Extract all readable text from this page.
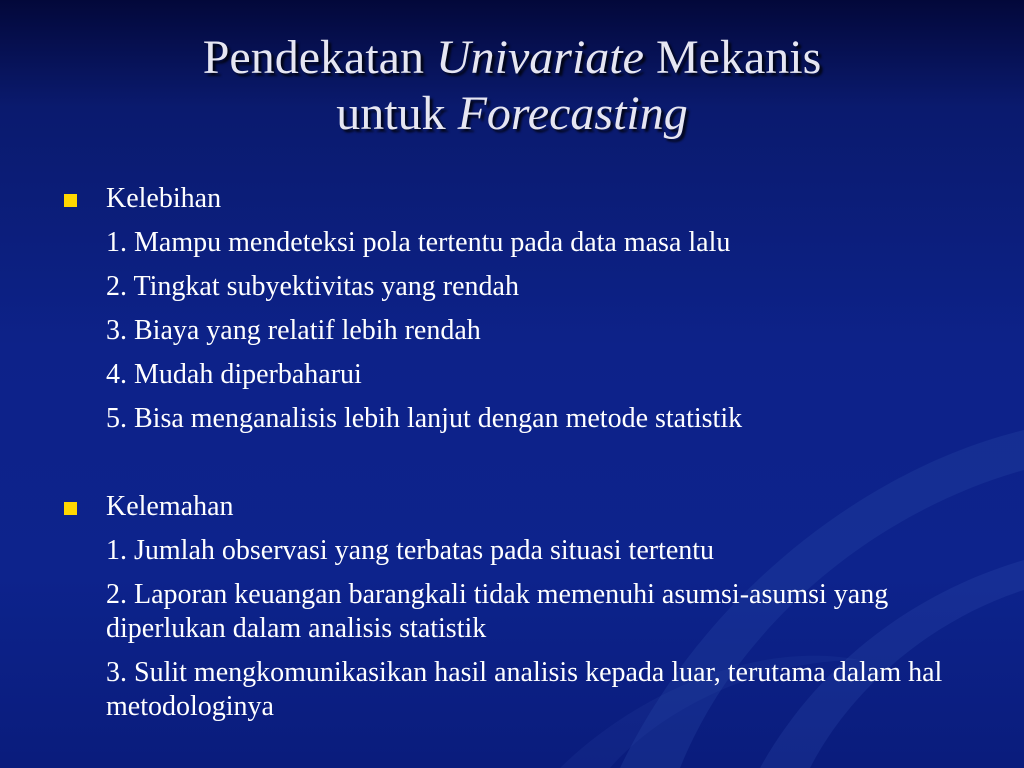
Pendekatan Univariate Mekanis
untuk Forecasting
Kelebihan
1. Mampu mendeteksi pola tertentu pada data masa lalu
2. Tingkat subyektivitas yang rendah
3. Biaya yang relatif lebih rendah
4. Mudah diperbaharui
5. Bisa menganalisis lebih lanjut dengan metode statistik
Kelemahan
1. Jumlah observasi yang terbatas pada situasi tertentu
2. Laporan keuangan barangkali tidak memenuhi asumsi-asumsi yang diperlukan dalam analisis statistik
3. Sulit mengkomunikasikan hasil analisis kepada luar, terutama dalam hal metodologinya
